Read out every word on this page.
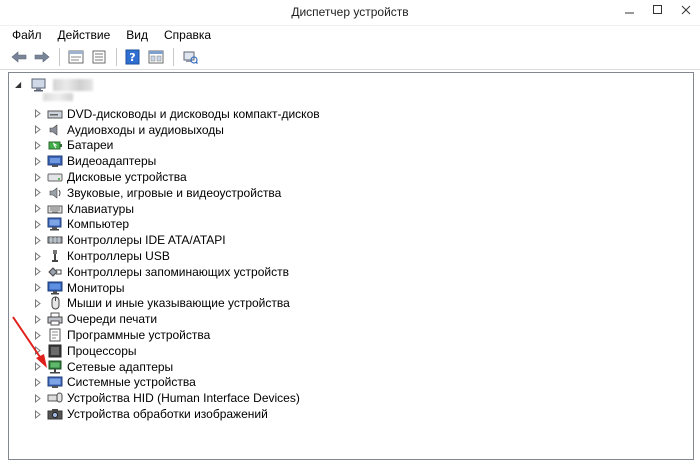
Диспетчер устройств
Файл	Действие	Вид	Справка
?
◢
DVD-дисководы и дисководы компакт-дисков
Аудиовходы и аудиовыходы
Батареи
Видеоадаптеры
Дисковые устройства
Звуковые, игровые и видеоустройства
Клавиатуры
Компьютер
Контроллеры IDE ATA/ATAPI
Контроллеры USB
Контроллеры запоминающих устройств
Мониторы
Мыши и иные указывающие устройства
Очереди печати
Программные устройства
Процессоры
Сетевые адаптеры
Системные устройства
Устройства HID (Human Interface Devices)
Устройства обработки изображений
